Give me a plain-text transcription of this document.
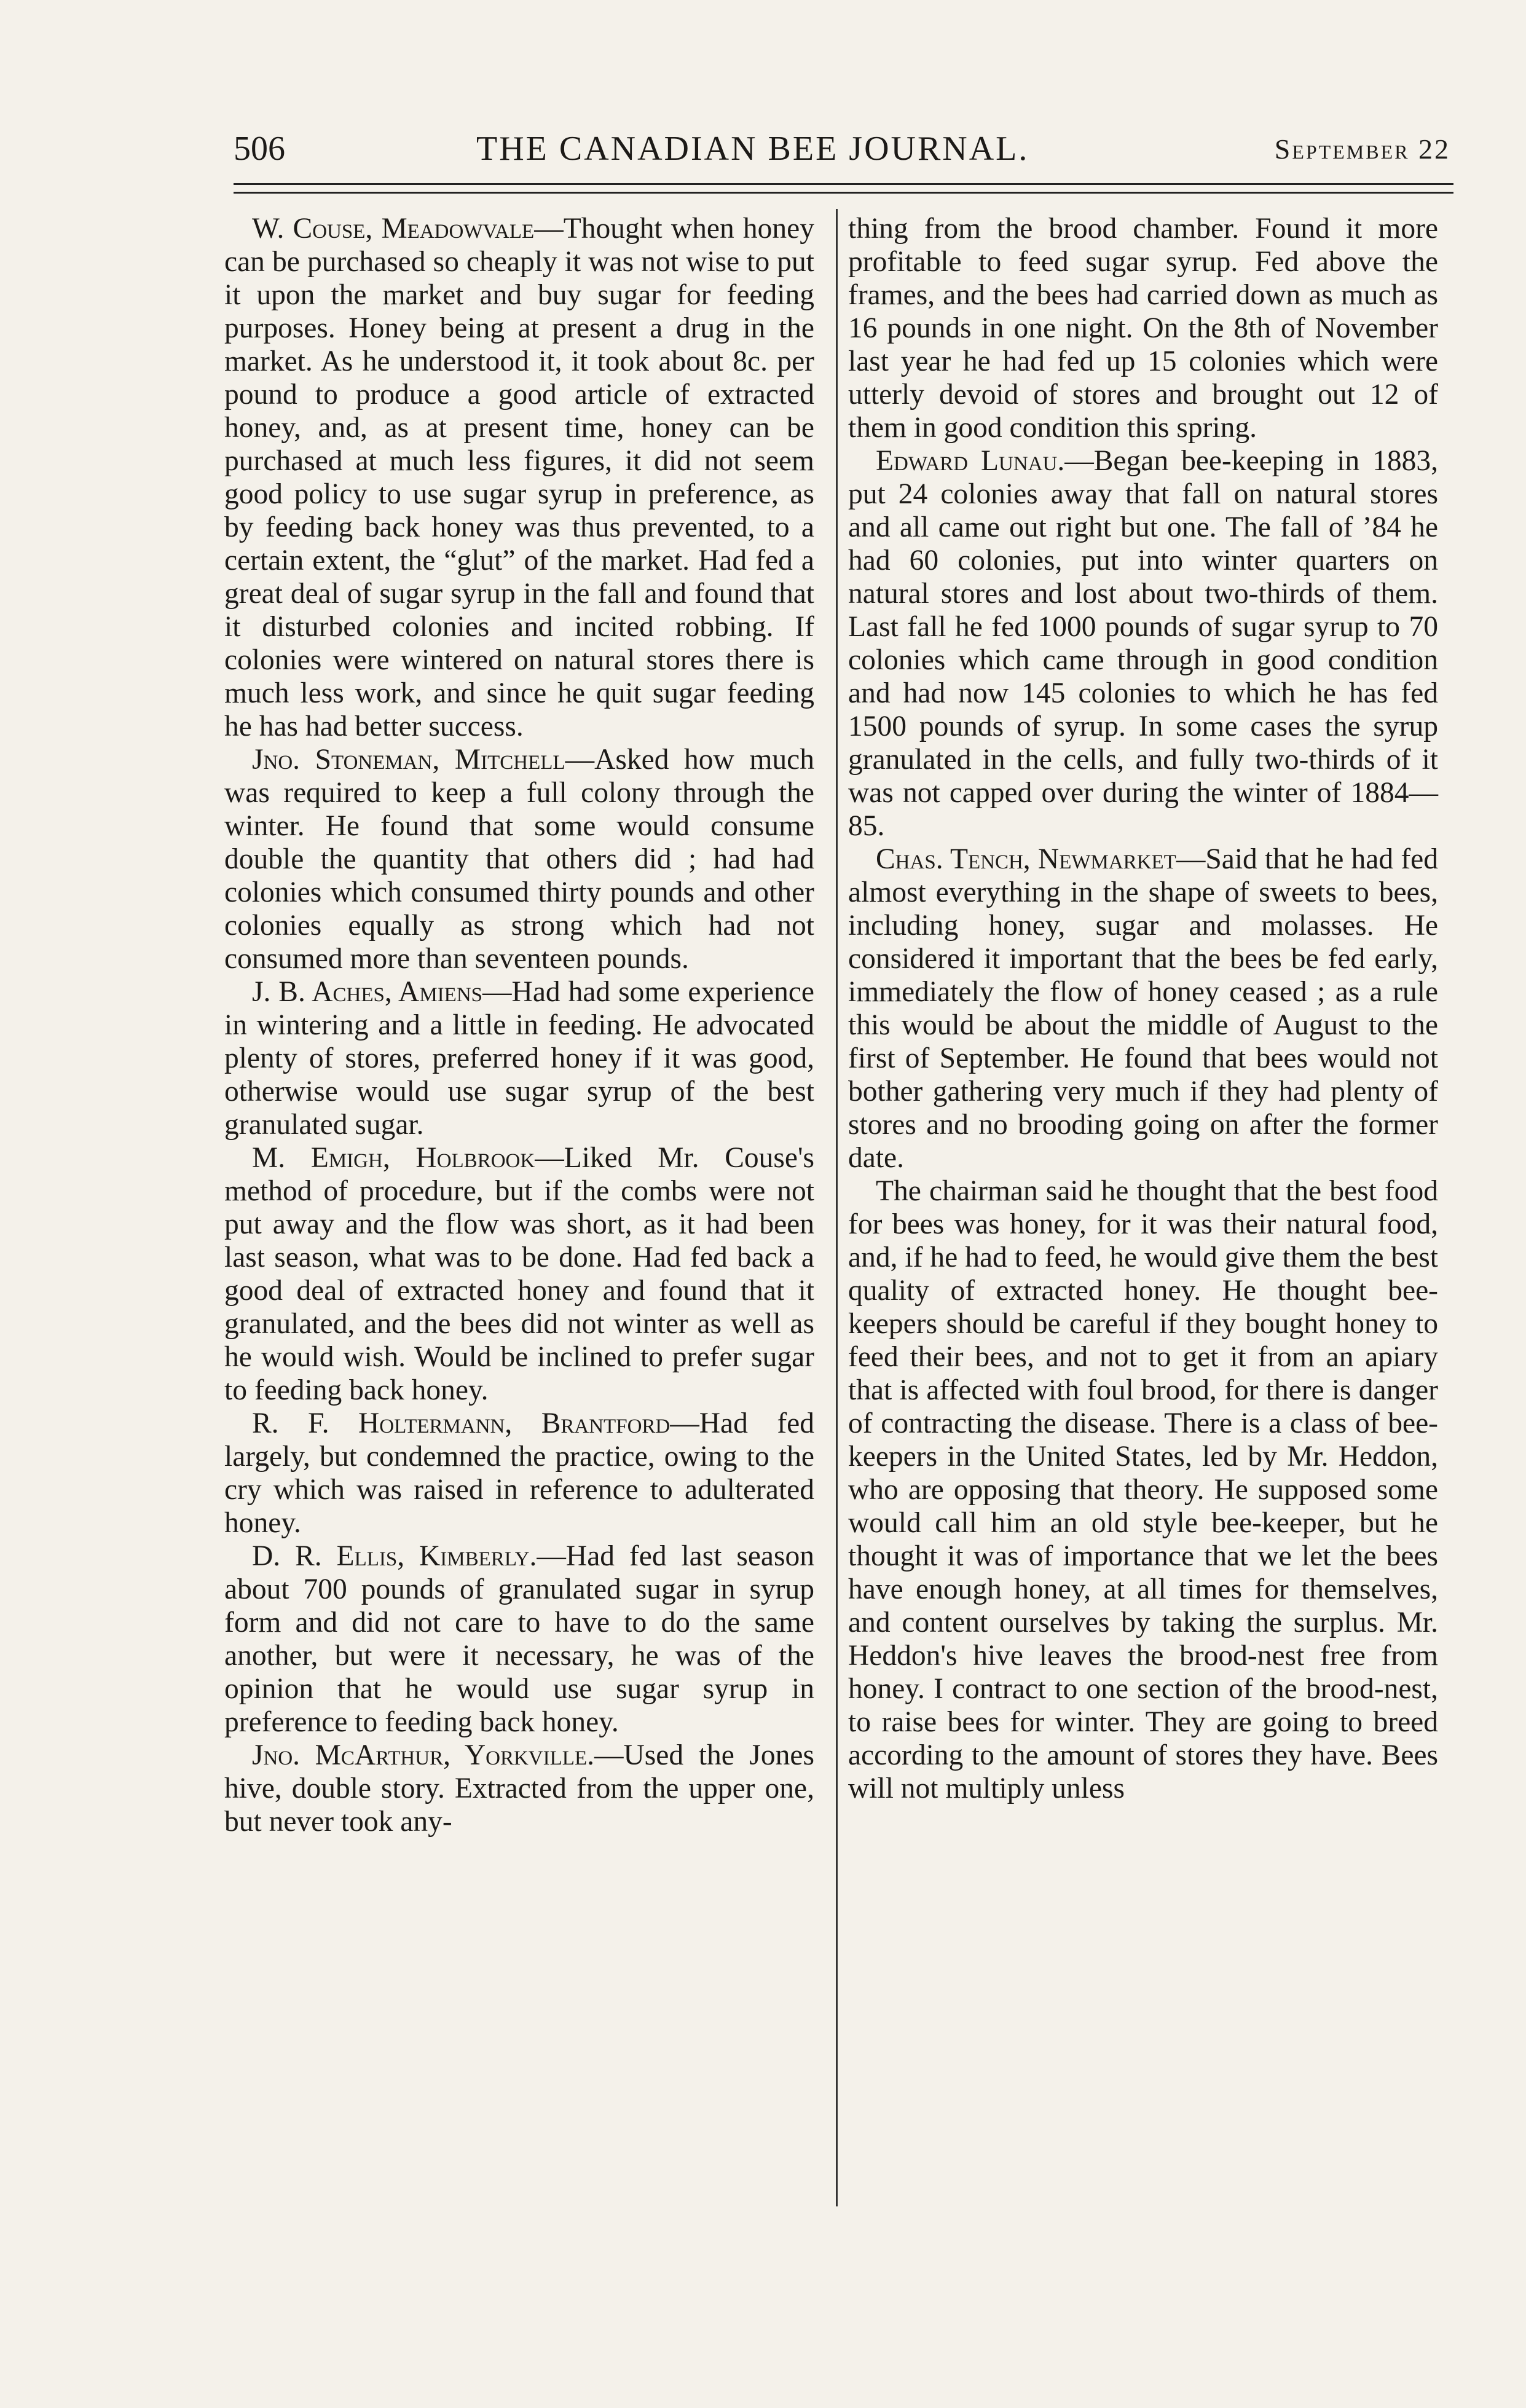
506	THE CANADIAN BEE JOURNAL.	September 22

W. Couse, Meadowvale—Thought when honey can be purchased so cheaply it was not wise to put it upon the market and buy sugar for feeding purposes. Honey being at present a drug in the market. As he understood it, it took about 8c. per pound to produce a good article of extracted honey, and, as at present time, honey can be purchased at much less figures, it did not seem good policy to use sugar syrup in preference, as by feeding back honey was thus prevented, to a certain extent, the “glut” of the market. Had fed a great deal of sugar syrup in the fall and found that it disturbed colonies and incited robbing. If colonies were wintered on natural stores there is much less work, and since he quit sugar feeding he has had better success.

Jno. Stoneman, Mitchell—Asked how much was required to keep a full colony through the winter. He found that some would consume double the quantity that others did ; had had colonies which consumed thirty pounds and other colonies equally as strong which had not consumed more than seventeen pounds.

J. B. Aches, Amiens—Had had some experience in wintering and a little in feeding. He advocated plenty of stores, preferred honey if it was good, otherwise would use sugar syrup of the best granulated sugar.

M. Emigh, Holbrook—Liked Mr. Couse's method of procedure, but if the combs were not put away and the flow was short, as it had been last season, what was to be done. Had fed back a good deal of extracted honey and found that it granulated, and the bees did not winter as well as he would wish. Would be inclined to prefer sugar to feeding back honey.

R. F. Holtermann, Brantford—Had fed largely, but condemned the practice, owing to the cry which was raised in reference to adulterated honey.

D. R. Ellis, Kimberly.—Had fed last season about 700 pounds of granulated sugar in syrup form and did not care to have to do the same another, but were it necessary, he was of the opinion that he would use sugar syrup in preference to feeding back honey.

Jno. McArthur, Yorkville.—Used the Jones hive, double story. Extracted from the upper one, but never took any-

thing from the brood chamber. Found it more profitable to feed sugar syrup. Fed above the frames, and the bees had carried down as much as 16 pounds in one night. On the 8th of November last year he had fed up 15 colonies which were utterly devoid of stores and brought out 12 of them in good condition this spring.

Edward Lunau.—Began bee-keeping in 1883, put 24 colonies away that fall on natural stores and all came out right but one. The fall of ’84 he had 60 colonies, put into winter quarters on natural stores and lost about two-thirds of them. Last fall he fed 1000 pounds of sugar syrup to 70 colonies which came through in good condition and had now 145 colonies to which he has fed 1500 pounds of syrup. In some cases the syrup granulated in the cells, and fully two-thirds of it was not capped over during the winter of 1884—85.

Chas. Tench, Newmarket—Said that he had fed almost everything in the shape of sweets to bees, including honey, sugar and molasses. He considered it important that the bees be fed early, immediately the flow of honey ceased ; as a rule this would be about the middle of August to the first of September. He found that bees would not bother gathering very much if they had plenty of stores and no brooding going on after the former date.

The chairman said he thought that the best food for bees was honey, for it was their natural food, and, if he had to feed, he would give them the best quality of extracted honey. He thought bee-keepers should be careful if they bought honey to feed their bees, and not to get it from an apiary that is affected with foul brood, for there is danger of contracting the disease. There is a class of bee-keepers in the United States, led by Mr. Heddon, who are opposing that theory. He supposed some would call him an old style bee-keeper, but he thought it was of importance that we let the bees have enough honey, at all times for themselves, and content ourselves by taking the surplus. Mr. Heddon's hive leaves the brood-nest free from honey. I contract to one section of the brood-nest, to raise bees for winter. They are going to breed according to the amount of stores they have. Bees will not multiply unless
